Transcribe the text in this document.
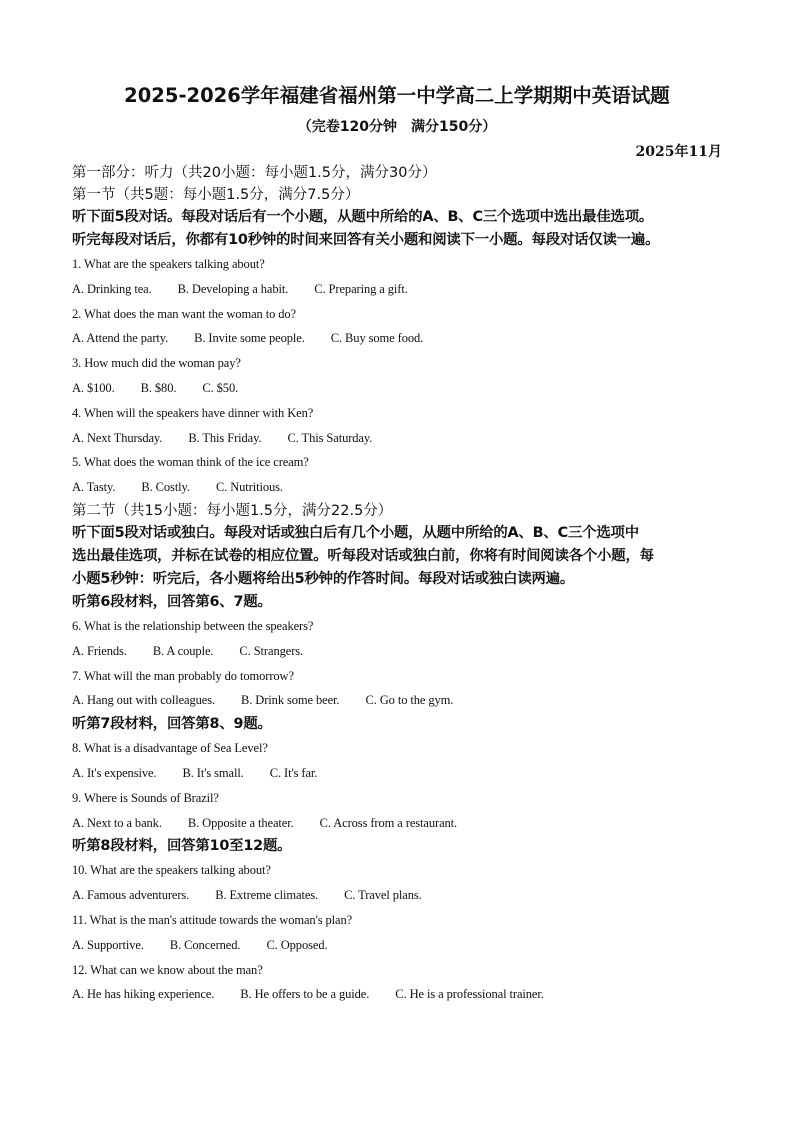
2025-2026学年福建省福州第一中学高二上学期期中英语试题
（完卷120分钟　满分150分）
2025年11月
第一部分：听力（共20小题：每小题1.5分，满分30分）
第一节（共5题：每小题1.5分，满分7.5分）
听下面5段对话。每段对话后有一个小题，从题中所给的A、B、C三个选项中选出最佳选项。
听完每段对话后，你都有10秒钟的时间来回答有关小题和阅读下一小题。每段对话仅读一遍。
1. What are the speakers talking about?
A. Drinking tea. B. Developing a habit. C. Preparing a gift.
2. What does the man want the woman to do?
A. Attend the party. B. Invite some people. C. Buy some food.
3. How much did the woman pay?
A. $100. B. $80. C. $50.
4. When will the speakers have dinner with Ken?
A. Next Thursday. B. This Friday. C. This Saturday.
5. What does the woman think of the ice cream?
A. Tasty. B. Costly. C. Nutritious.
第二节（共15小题：每小题1.5分，满分22.5分）
听下面5段对话或独白。每段对话或独白后有几个小题，从题中所给的A、B、C三个选项中
选出最佳选项，并标在试卷的相应位置。听每段对话或独白前，你将有时间阅读各个小题，每
小题5秒钟：听完后，各小题将给出5秒钟的作答时间。每段对话或独白读两遍。
听第6段材料，回答第6、7题。
6. What is the relationship between the speakers?
A. Friends. B. A couple. C. Strangers.
7. What will the man probably do tomorrow?
A. Hang out with colleagues. B. Drink some beer. C. Go to the gym.
听第7段材料，回答第8、9题。
8. What is a disadvantage of Sea Level?
A. It's expensive. B. It's small. C. It's far.
9. Where is Sounds of Brazil?
A. Next to a bank. B. Opposite a theater. C. Across from a restaurant.
听第8段材料，回答第10至12题。
10. What are the speakers talking about?
A. Famous adventurers. B. Extreme climates. C. Travel plans.
11. What is the man's attitude towards the woman's plan?
A. Supportive. B. Concerned. C. Opposed.
12. What can we know about the man?
A. He has hiking experience. B. He offers to be a guide. C. He is a professional trainer.
